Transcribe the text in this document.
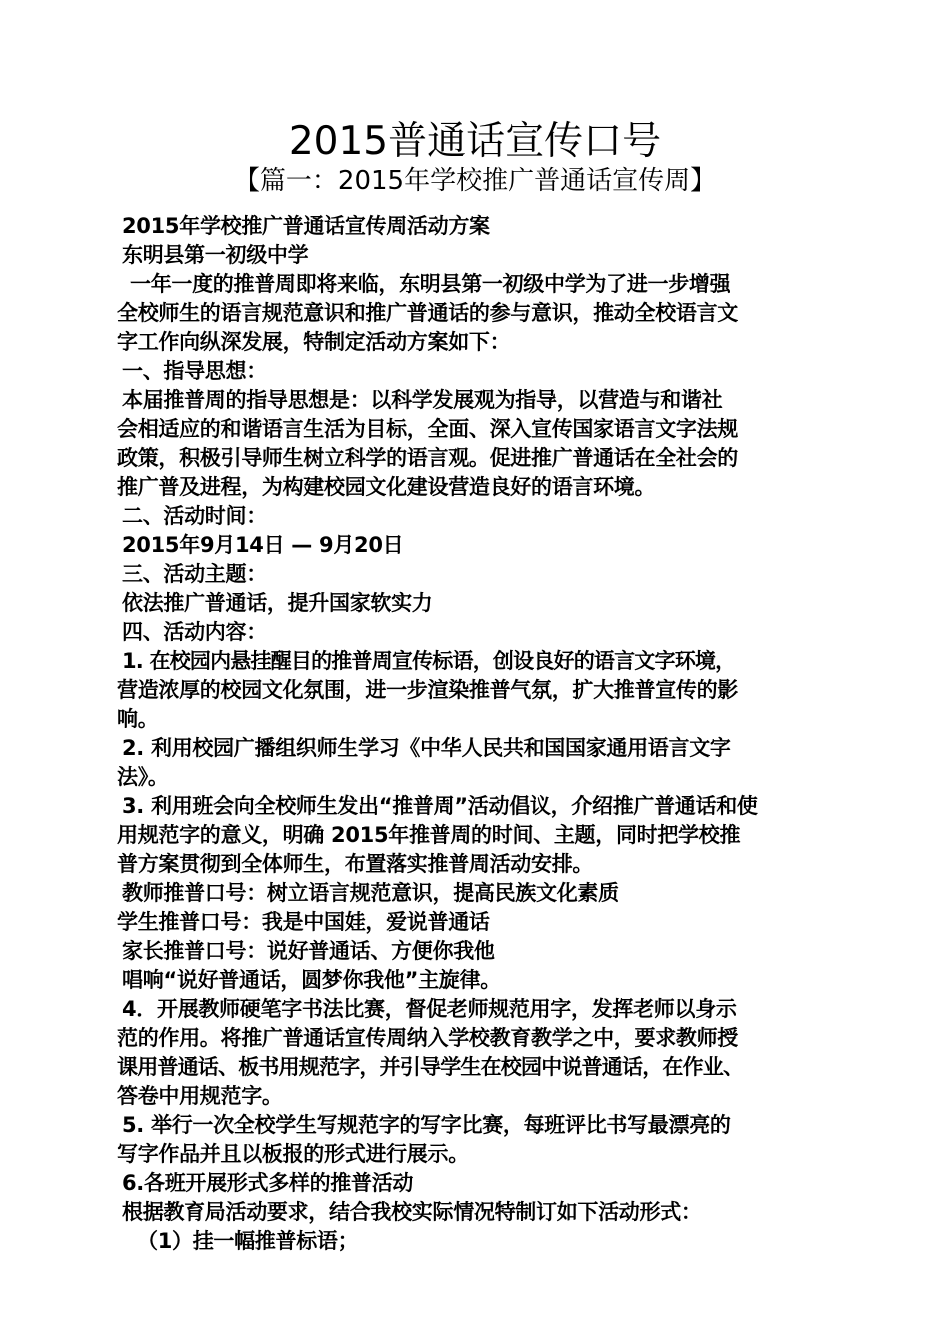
2015普通话宣传口号
【篇一：2015年学校推广普通话宣传周】
2015年学校推广普通话宣传周活动方案
东明县第一初级中学
一年一度的推普周即将来临，东明县第一初级中学为了进一步增强
全校师生的语言规范意识和推广普通话的参与意识，推动全校语言文
字工作向纵深发展，特制定活动方案如下：
一、指导思想：
本届推普周的指导思想是：以科学发展观为指导，以营造与和谐社
会相适应的和谐语言生活为目标，全面、深入宣传国家语言文字法规
政策，积极引导师生树立科学的语言观。促进推广普通话在全社会的
推广普及进程，为构建校园文化建设营造良好的语言环境。
二、活动时间：
2015年9月14日 — 9月20日
三、活动主题：
依法推广普通话，提升国家软实力
四、活动内容：
1. 在校园内悬挂醒目的推普周宣传标语，创设良好的语言文字环境，
营造浓厚的校园文化氛围，进一步渲染推普气氛，扩大推普宣传的影
响。
2. 利用校园广播组织师生学习《中华人民共和国国家通用语言文字
法》。
3. 利用班会向全校师生发出“推普周”活动倡议，介绍推广普通话和使
用规范字的意义，明确 2015年推普周的时间、主题，同时把学校推
普方案贯彻到全体师生，布置落实推普周活动安排。
教师推普口号：树立语言规范意识，提高民族文化素质
学生推普口号：我是中国娃，爱说普通话
家长推普口号：说好普通话、方便你我他
唱响“说好普通话，圆梦你我他”主旋律。
4．开展教师硬笔字书法比赛，督促老师规范用字，发挥老师以身示
范的作用。将推广普通话宣传周纳入学校教育教学之中，要求教师授
课用普通话、板书用规范字，并引导学生在校园中说普通话，在作业、
答卷中用规范字。
5. 举行一次全校学生写规范字的写字比赛，每班评比书写最漂亮的
写字作品并且以板报的形式进行展示。
6.各班开展形式多样的推普活动
根据教育局活动要求，结合我校实际情况特制订如下活动形式：
（1）挂一幅推普标语；
